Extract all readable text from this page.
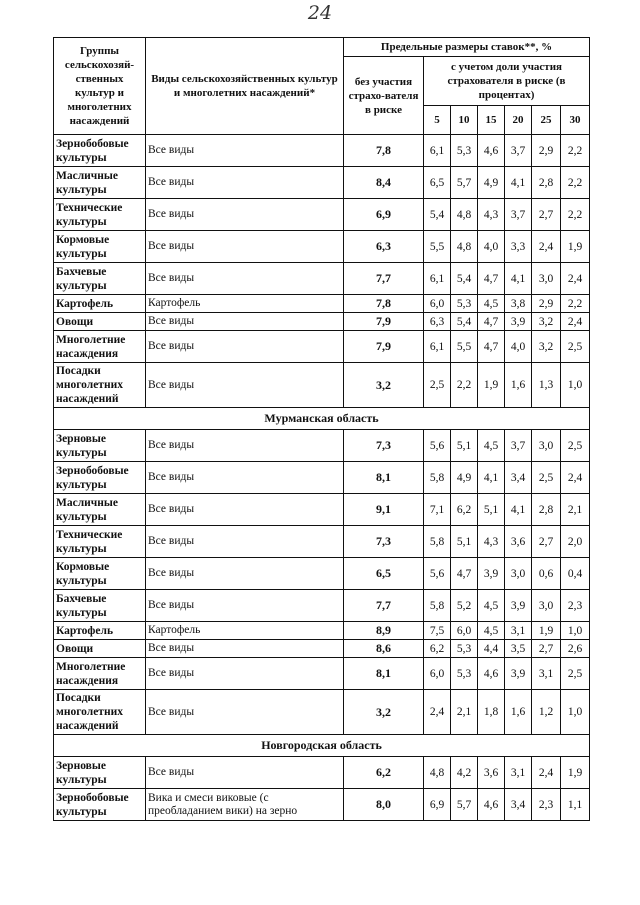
24
Группы сельскохозяй-ственных культур и многолетних насаждений	Виды сельскохозяйственных культур и многолетних насаждений*	Предельные размеры ставок**, %						
		без участия страхо-вателя в риске	с учетом доли участия страхователя в риске (в процентах)					
			5	10	15	20	25	30
Зернобобовые культуры	Все виды	7,8	6,1	5,3	4,6	3,7	2,9	2,2
Масличные культуры	Все виды	8,4	6,5	5,7	4,9	4,1	2,8	2,2
Технические культуры	Все виды	6,9	5,4	4,8	4,3	3,7	2,7	2,2
Кормовые культуры	Все виды	6,3	5,5	4,8	4,0	3,3	2,4	1,9
Бахчевые культуры	Все виды	7,7	6,1	5,4	4,7	4,1	3,0	2,4
Картофель	Картофель	7,8	6,0	5,3	4,5	3,8	2,9	2,2
Овощи	Все виды	7,9	6,3	5,4	4,7	3,9	3,2	2,4
Многолетние насаждения	Все виды	7,9	6,1	5,5	4,7	4,0	3,2	2,5
Посадки многолетних насаждений	Все виды	3,2	2,5	2,2	1,9	1,6	1,3	1,0
Мурманская область								
Зерновые культуры	Все виды	7,3	5,6	5,1	4,5	3,7	3,0	2,5
Зернобобовые культуры	Все виды	8,1	5,8	4,9	4,1	3,4	2,5	2,4
Масличные культуры	Все виды	9,1	7,1	6,2	5,1	4,1	2,8	2,1
Технические культуры	Все виды	7,3	5,8	5,1	4,3	3,6	2,7	2,0
Кормовые культуры	Все виды	6,5	5,6	4,7	3,9	3,0	0,6	0,4
Бахчевые культуры	Все виды	7,7	5,8	5,2	4,5	3,9	3,0	2,3
Картофель	Картофель	8,9	7,5	6,0	4,5	3,1	1,9	1,0
Овощи	Все виды	8,6	6,2	5,3	4,4	3,5	2,7	2,6
Многолетние насаждения	Все виды	8,1	6,0	5,3	4,6	3,9	3,1	2,5
Посадки многолетних насаждений	Все виды	3,2	2,4	2,1	1,8	1,6	1,2	1,0
Новгородская область								
Зерновые культуры	Все виды	6,2	4,8	4,2	3,6	3,1	2,4	1,9
Зернобобовые культуры	Вика и смеси виковые (с преобладанием вики) на зерно	8,0	6,9	5,7	4,6	3,4	2,3	1,1
